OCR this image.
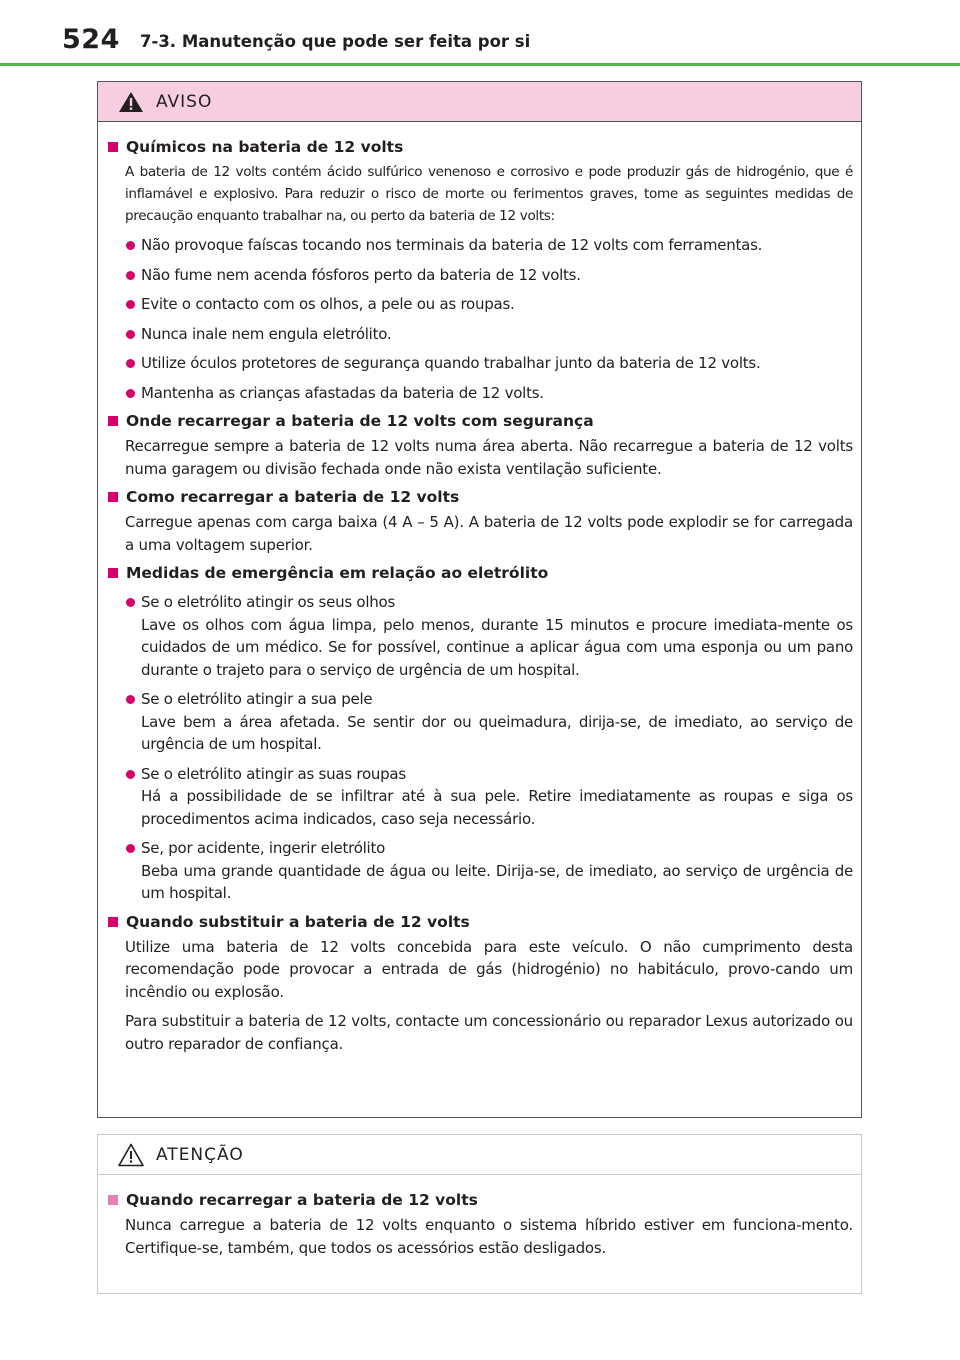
524 7-3. Manutenção que pode ser feita por si
AVISO
Químicos na bateria de 12 volts

A bateria de 12 volts contém ácido sulfúrico venenoso e corrosivo e pode produzir gás de hidrogénio, que é inflamável e explosivo. Para reduzir o risco de morte ou ferimentos graves, tome as seguintes medidas de precaução enquanto trabalhar na, ou perto da bateria de 12 volts:

Não provoque faíscas tocando nos terminais da bateria de 12 volts com ferramentas.
Não fume nem acenda fósforos perto da bateria de 12 volts.
Evite o contacto com os olhos, a pele ou as roupas.
Nunca inale nem engula eletrólito.
Utilize óculos protetores de segurança quando trabalhar junto da bateria de 12 volts.
Mantenha as crianças afastadas da bateria de 12 volts.
Onde recarregar a bateria de 12 volts com segurança

Recarregue sempre a bateria de 12 volts numa área aberta. Não recarregue a bateria de 12 volts numa garagem ou divisão fechada onde não exista ventilação suficiente.

Como recarregar a bateria de 12 volts

Carregue apenas com carga baixa (4 A – 5 A). A bateria de 12 volts pode explodir se for carregada a uma voltagem superior.

Medidas de emergência em relação ao eletrólito
Se o eletrólito atingir os seus olhos
Lave os olhos com água limpa, pelo menos, durante 15 minutos e procure imediata-mente os cuidados de um médico. Se for possível, continue a aplicar água com uma esponja ou um pano durante o trajeto para o serviço de urgência de um hospital.
Se o eletrólito atingir a sua pele
Lave bem a área afetada. Se sentir dor ou queimadura, dirija-se, de imediato, ao serviço de urgência de um hospital.
Se o eletrólito atingir as suas roupas
Há a possibilidade de se infiltrar até à sua pele. Retire imediatamente as roupas e siga os procedimentos acima indicados, caso seja necessário.
Se, por acidente, ingerir eletrólito
Beba uma grande quantidade de água ou leite. Dirija-se, de imediato, ao serviço de urgência de um hospital.
Quando substituir a bateria de 12 volts

Utilize uma bateria de 12 volts concebida para este veículo. O não cumprimento desta recomendação pode provocar a entrada de gás (hidrogénio) no habitáculo, provo-cando um incêndio ou explosão.

Para substituir a bateria de 12 volts, contacte um concessionário ou reparador Lexus autorizado ou outro reparador de confiança.

ATENÇÃO
Quando recarregar a bateria de 12 volts

Nunca carregue a bateria de 12 volts enquanto o sistema híbrido estiver em funciona-mento. Certifique-se, também, que todos os acessórios estão desligados.
